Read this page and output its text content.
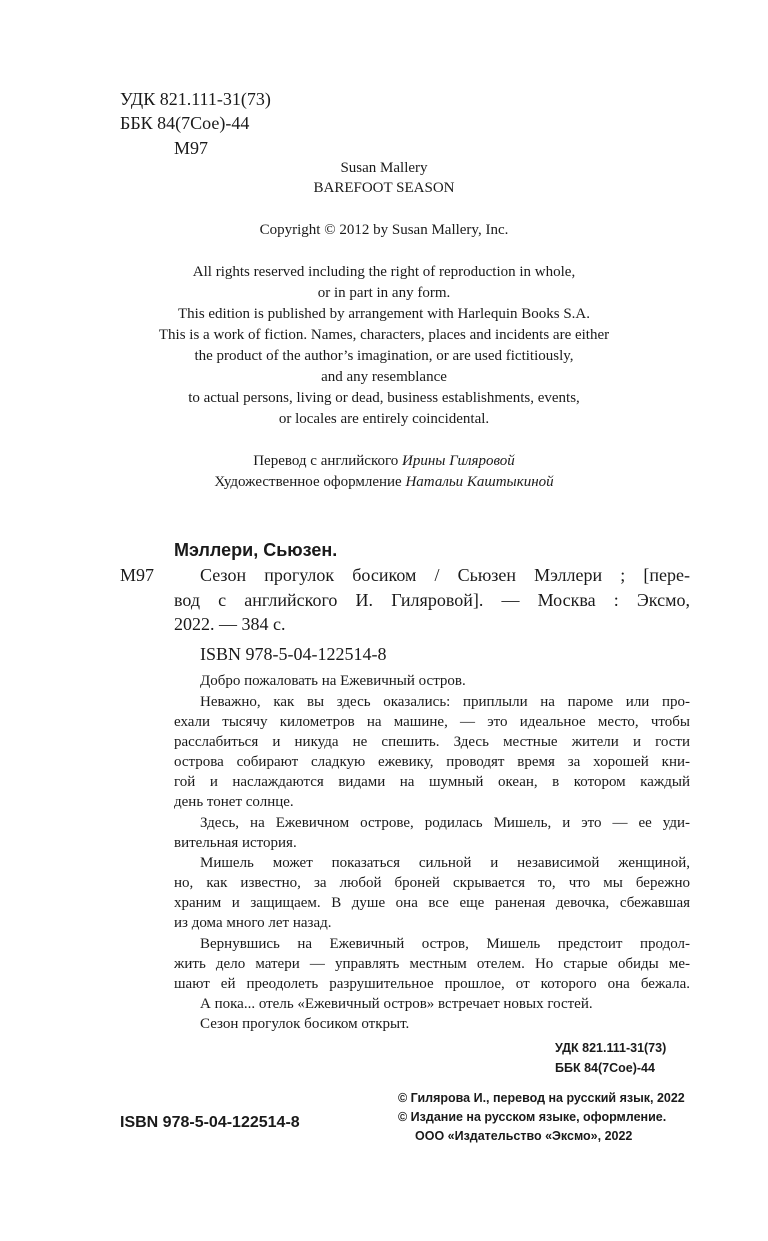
УДК 821.111-31(73)
ББК 84(7Сое)-44
М97
Susan Mallery
BAREFOOT SEASON
Copyright © 2012 by Susan Mallery, Inc.
All rights reserved including the right of reproduction in whole,
or in part in any form.
This edition is published by arrangement with Harlequin Books S.A.
This is a work of fiction. Names, characters, places and incidents are either
the product of the author’s imagination, or are used fictitiously,
and any resemblance
to actual persons, living or dead, business establishments, events,
or locales are entirely coincidental.
Перевод с английского Ирины Гиляровой
Художественное оформление Натальи Каштыкиной
Мэллери, Сьюзен.
М97	Сезон прогулок босиком / Сьюзен Мэллери ; [пере-
вод с английского И. Гиляровой]. — Москва : Эксмо,
2022. — 384 с.
ISBN 978-5-04-122514-8
Добро пожаловать на Ежевичный остров.
Неважно, как вы здесь оказались: приплыли на пароме или про-
ехали тысячу километров на машине, — это идеальное место, чтобы
расслабиться и никуда не спешить. Здесь местные жители и гости
острова собирают сладкую ежевику, проводят время за хорошей кни-
гой и наслаждаются видами на шумный океан, в котором каждый
день тонет солнце.
Здесь, на Ежевичном острове, родилась Мишель, и это — ее уди-
вительная история.
Мишель может показаться сильной и независимой женщиной,
но, как известно, за любой броней скрывается то, что мы бережно
храним и защищаем. В душе она все еще раненая девочка, сбежавшая
из дома много лет назад.
Вернувшись на Ежевичный остров, Мишель предстоит продол-
жить дело матери — управлять местным отелем. Но старые обиды ме-
шают ей преодолеть разрушительное прошлое, от которого она бежала.
А пока... отель «Ежевичный остров» встречает новых гостей.
Сезон прогулок босиком открыт.
УДК 821.111-31(73)
ББК 84(7Сое)-44
© Гилярова И., перевод на русский язык, 2022
© Издание на русском языке, оформление.
ООО «Издательство «Эксмо», 2022
ISBN 978-5-04-122514-8
